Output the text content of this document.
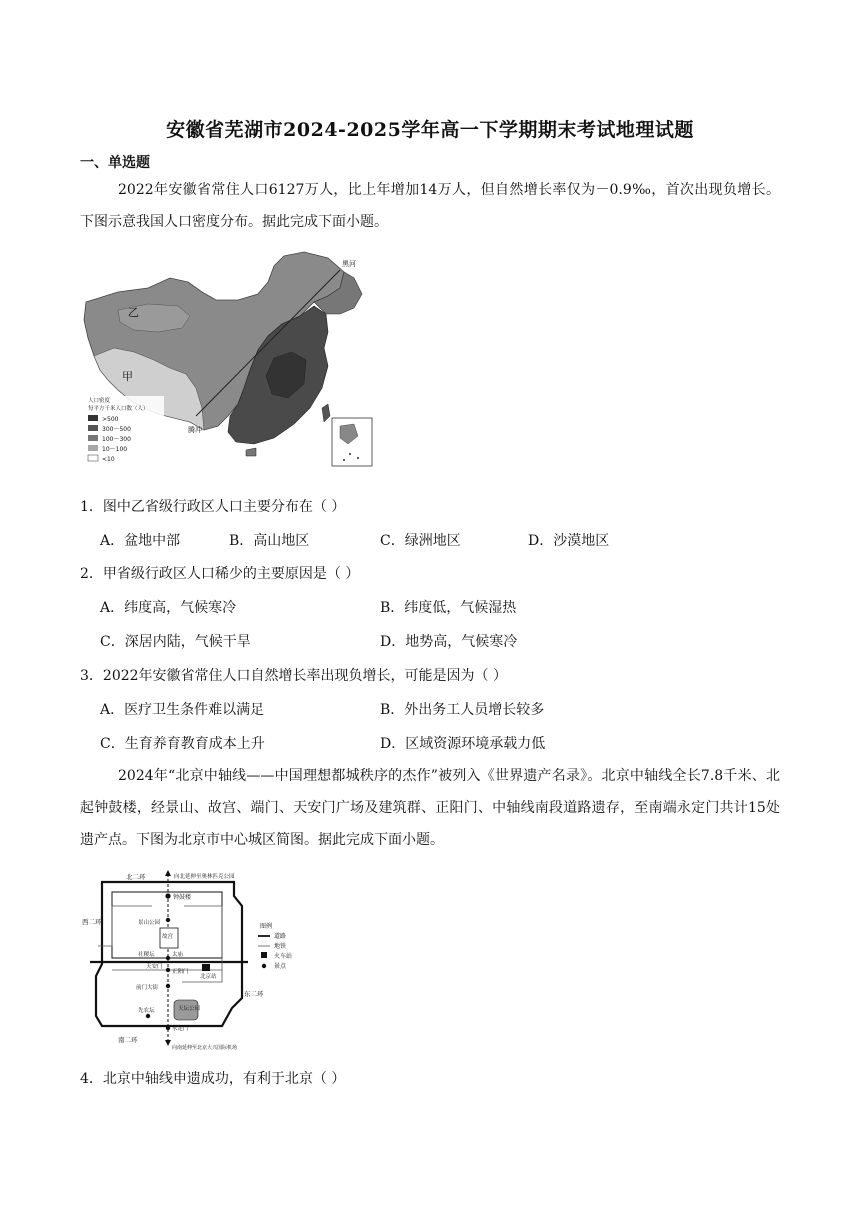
安徽省芜湖市2024-2025学年高一下学期期末考试地理试题
一、单选题
2022年安徽省常住人口6127万人，比上年增加14万人，但自然增长率仅为－0.9‰，首次出现负增长。下图示意我国人口密度分布。据此完成下面小题。
乙
甲
黑河
腾冲
人口密度
每平方千米人口数（人）
>500
300～500
100～300
10～100
<10
1．图中乙省级行政区人口主要分布在（ ）
A．盆地中部	B．高山地区	C．绿洲地区	D．沙漠地区
2．甲省级行政区人口稀少的主要原因是（ ）
A．纬度高，气候寒冷	B．纬度低，气候湿热
C．深居内陆，气候干旱	D．地势高，气候寒冷
3．2022年安徽省常住人口自然增长率出现负增长，可能是因为（ ）
A．医疗卫生条件难以满足	B．外出务工人员增长较多
C．生育养育教育成本上升	D．区域资源环境承载力低
2024年“北京中轴线——中国理想都城秩序的杰作”被列入《世界遗产名录》。北京中轴线全长7.8千米、北起钟鼓楼，经景山、故宫、端门、天安门广场及建筑群、正阳门、中轴线南段道路遗存，至南端永定门共计15处遗产点。下图为北京市中心城区简图。据此完成下面小题。
北二环	向北延伸至奥林匹克公园
钟鼓楼
景山公园
故宫
社稷坛	太庙
天安门
正阳门
前门大街
北京站
天坛公园
先农坛
永定门
南二环
向南延伸至北京大兴国际机场
西二环
东二环
图例
道路
地铁
火车站
景点
4．北京中轴线申遗成功，有利于北京（ ）
